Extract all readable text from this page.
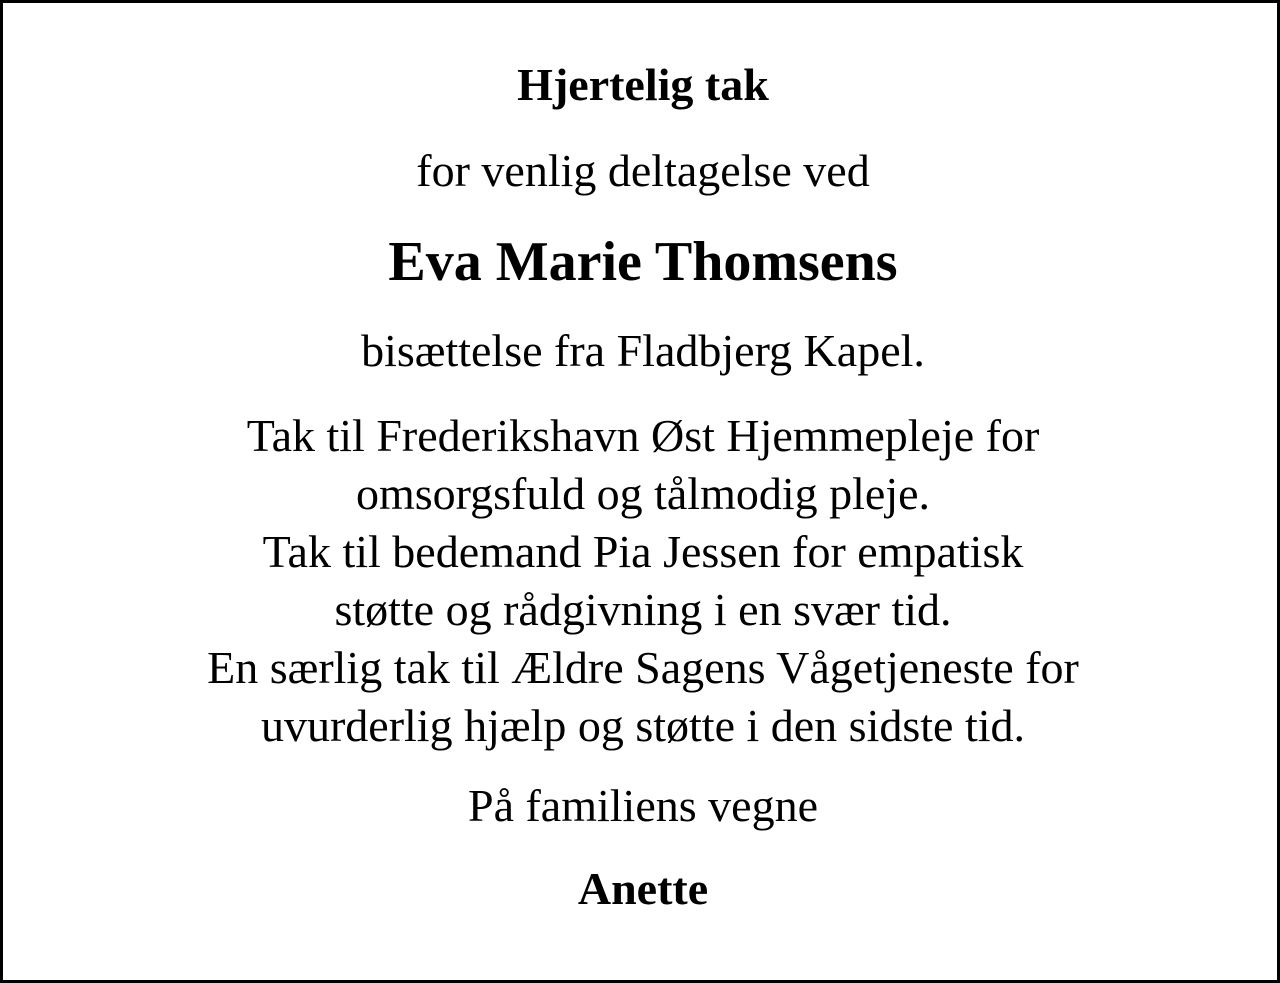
Hjertelig tak

for venlig deltagelse ved

Eva Marie Thomsens

bisættelse fra Fladbjerg Kapel.

Tak til Frederikshavn Øst Hjemmepleje for
omsorgsfuld og tålmodig pleje.
Tak til bedemand Pia Jessen for empatisk
støtte og rådgivning i en svær tid.
En særlig tak til Ældre Sagens Vågetjeneste for
uvurderlig hjælp og støtte i den sidste tid.

På familiens vegne

Anette
